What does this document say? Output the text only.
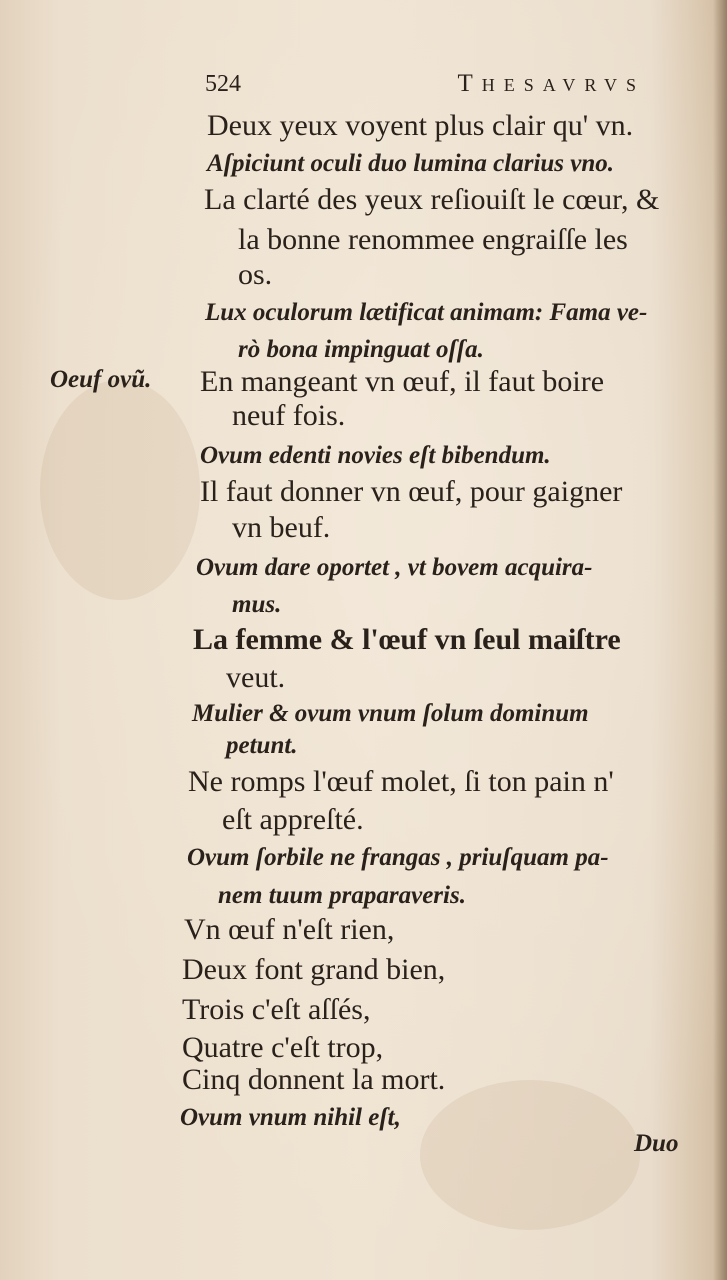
524	Thesavrvs
Oeuf ovũ.
Deux yeux voyent plus clair qu' vn.
Aſpiciunt oculi duo lumina clarius vno.
La clarté des yeux reſiouiſt le cœur, &
la bonne renommee engraiſſe les
os.
Lux oculorum lætificat animam: Fama ve-
rò bona impinguat oſſa.
En mangeant vn œuf, il faut boire
neuf fois.
Ovum edenti novies eſt bibendum.
Il faut donner vn œuf, pour gaigner
vn beuf.
Ovum dare oportet , vt bovem acquira-
mus.
La femme & l'œuf vn ſeul maiſtre
veut.
Mulier & ovum vnum ſolum dominum
petunt.
Ne romps l'œuf molet, ſi ton pain n'
eſt appreſté.
Ovum ſorbile ne frangas , priuſquam pa-
nem tuum praparaveris.
Vn œuf n'eſt rien,
Deux font grand bien,
Trois c'eſt aſſés,
Quatre c'eſt trop,
Cinq donnent la mort.
Ovum vnum nihil eſt,
Duo
